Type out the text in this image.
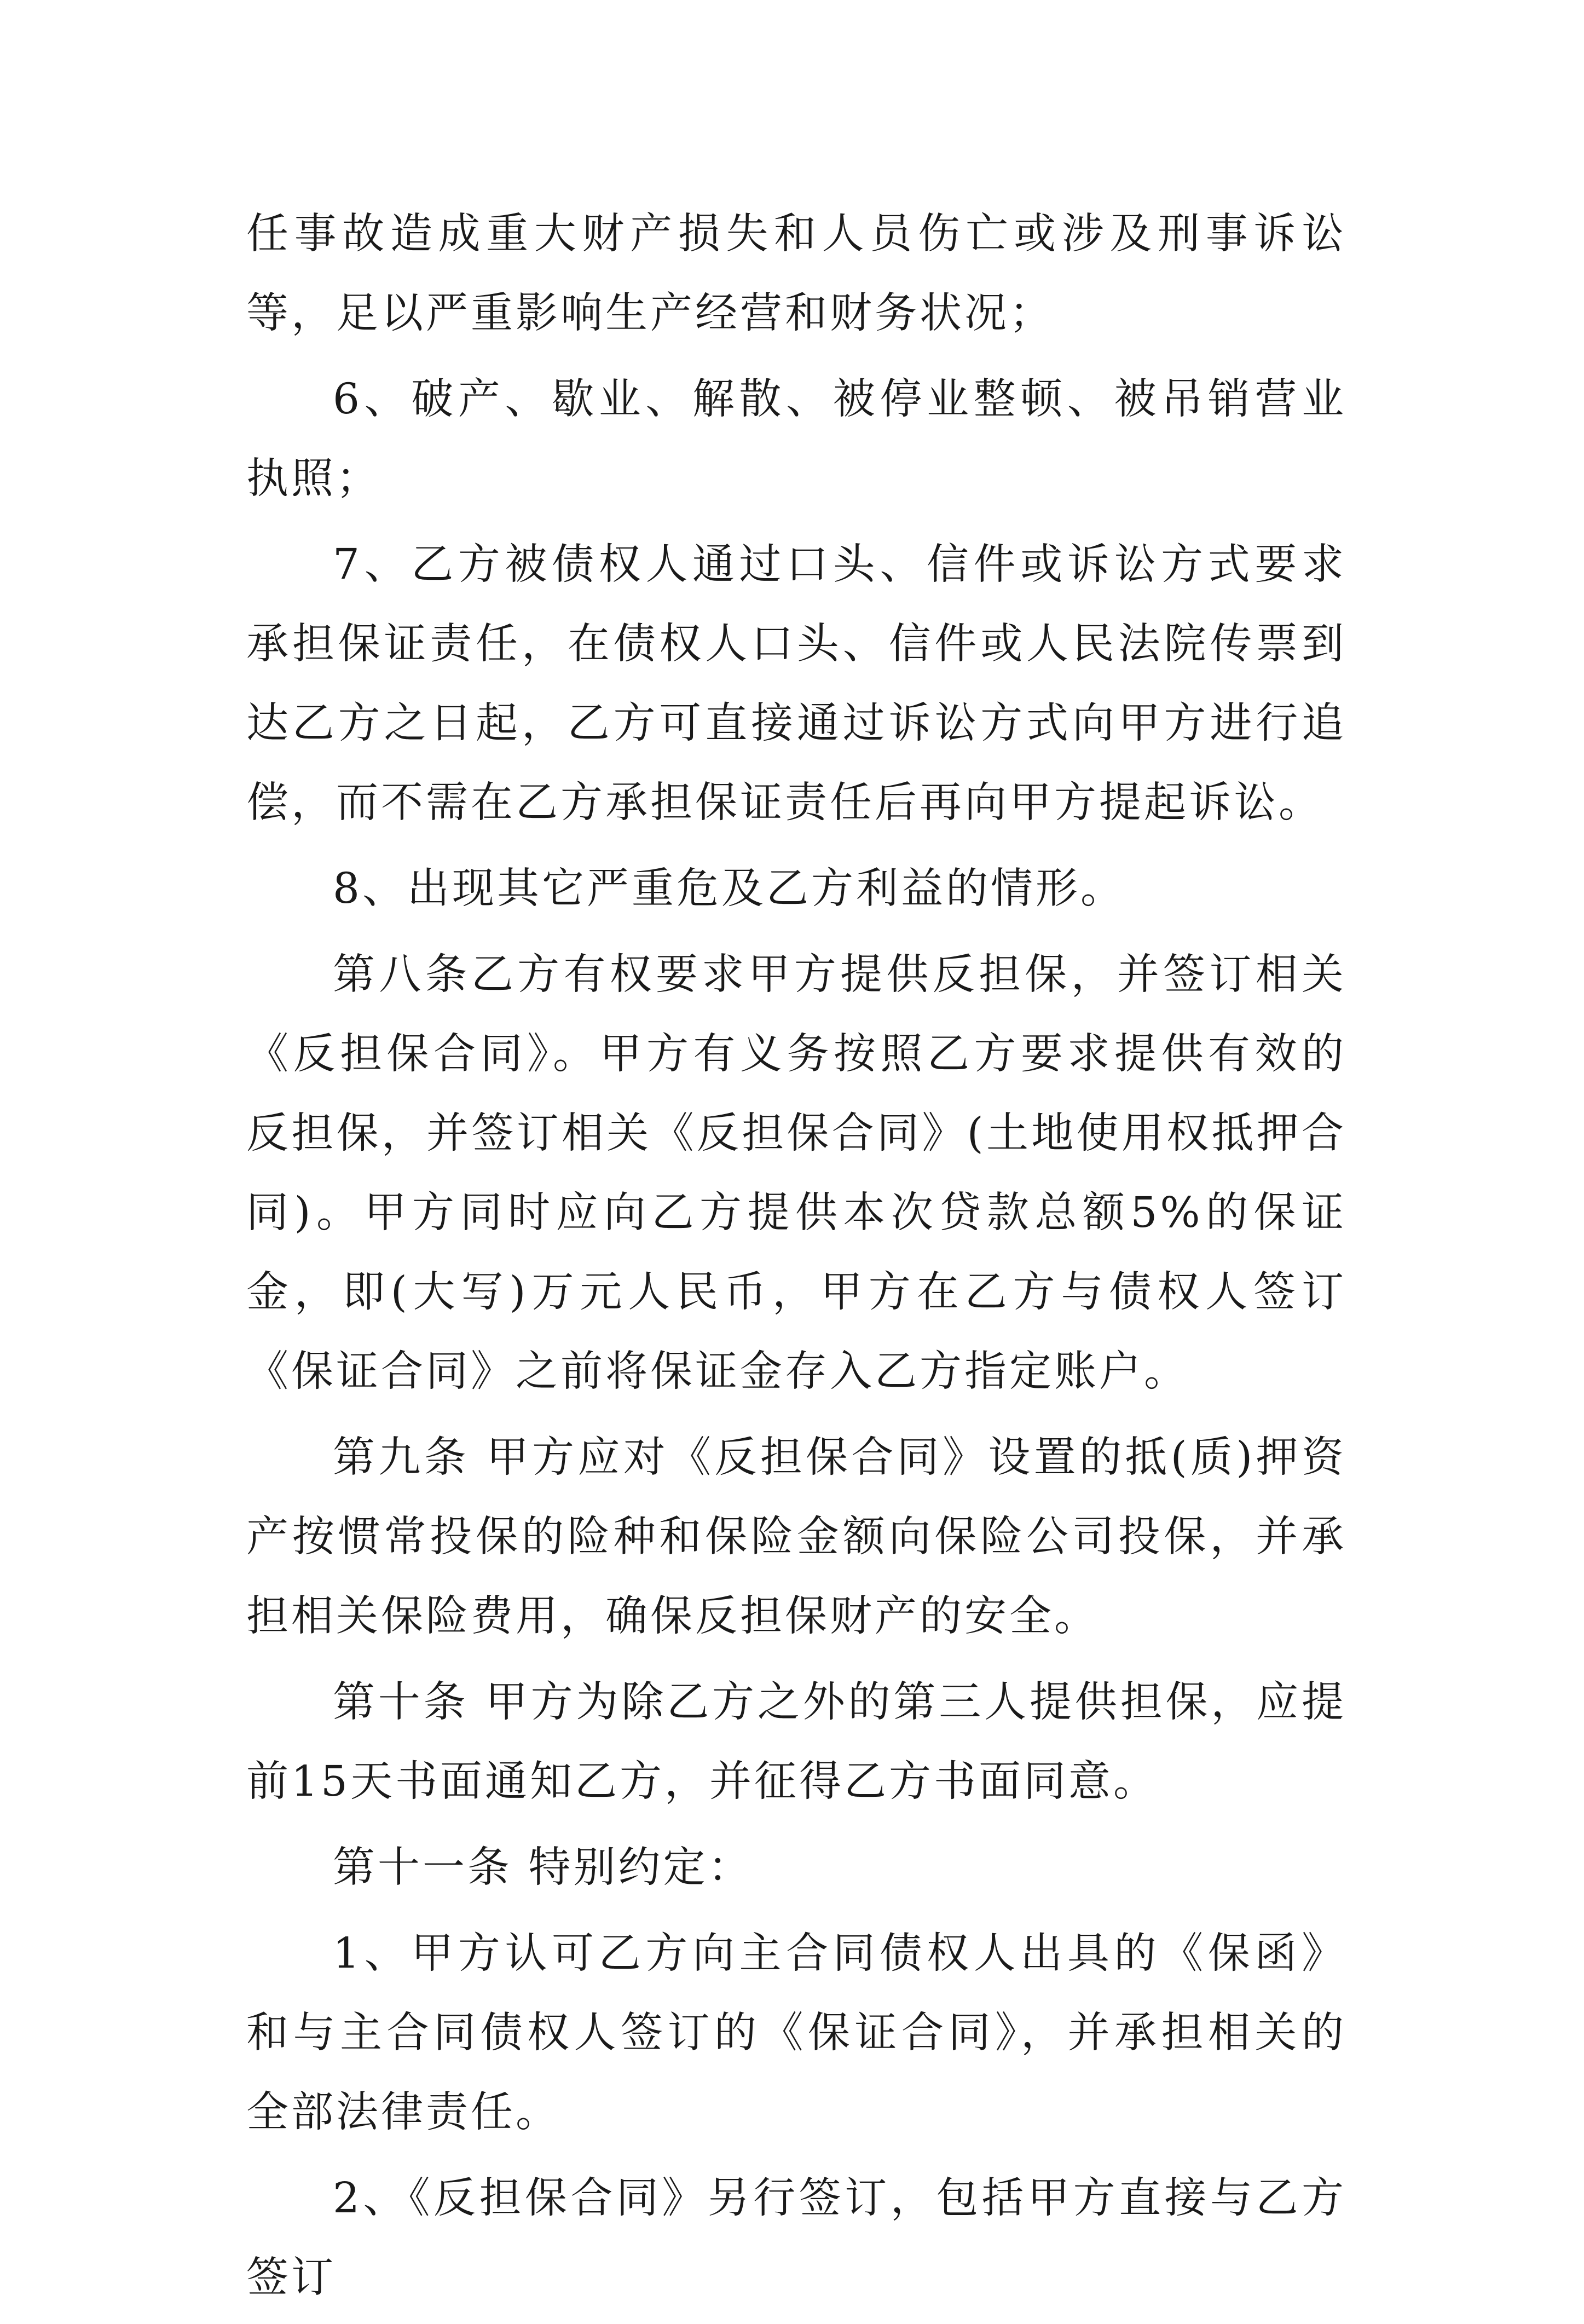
任事故造成重大财产损失和人员伤亡或涉及刑事诉讼等，足以严重影响生产经营和财务状况；

6、破产、歇业、解散、被停业整顿、被吊销营业执照；

7、乙方被债权人通过口头、信件或诉讼方式要求承担保证责任，在债权人口头、信件或人民法院传票到达乙方之日起，乙方可直接通过诉讼方式向甲方进行追偿，而不需在乙方承担保证责任后再向甲方提起诉讼。

8、出现其它严重危及乙方利益的情形。

第八条乙方有权要求甲方提供反担保，并签订相关《反担保合同》。甲方有义务按照乙方要求提供有效的反担保，并签订相关《反担保合同》(土地使用权抵押合同)。甲方同时应向乙方提供本次贷款总额5%的保证金，即(大写)万元人民币，甲方在乙方与债权人签订《保证合同》之前将保证金存入乙方指定账户。

第九条 甲方应对《反担保合同》设置的抵(质)押资产按惯常投保的险种和保险金额向保险公司投保，并承担相关保险费用，确保反担保财产的安全。

第十条 甲方为除乙方之外的第三人提供担保，应提前15天书面通知乙方，并征得乙方书面同意。

第十一条 特别约定：

1、甲方认可乙方向主合同债权人出具的《保函》和与主合同债权人签订的《保证合同》，并承担相关的全部法律责任。

2、《反担保合同》另行签订，包括甲方直接与乙方签订
